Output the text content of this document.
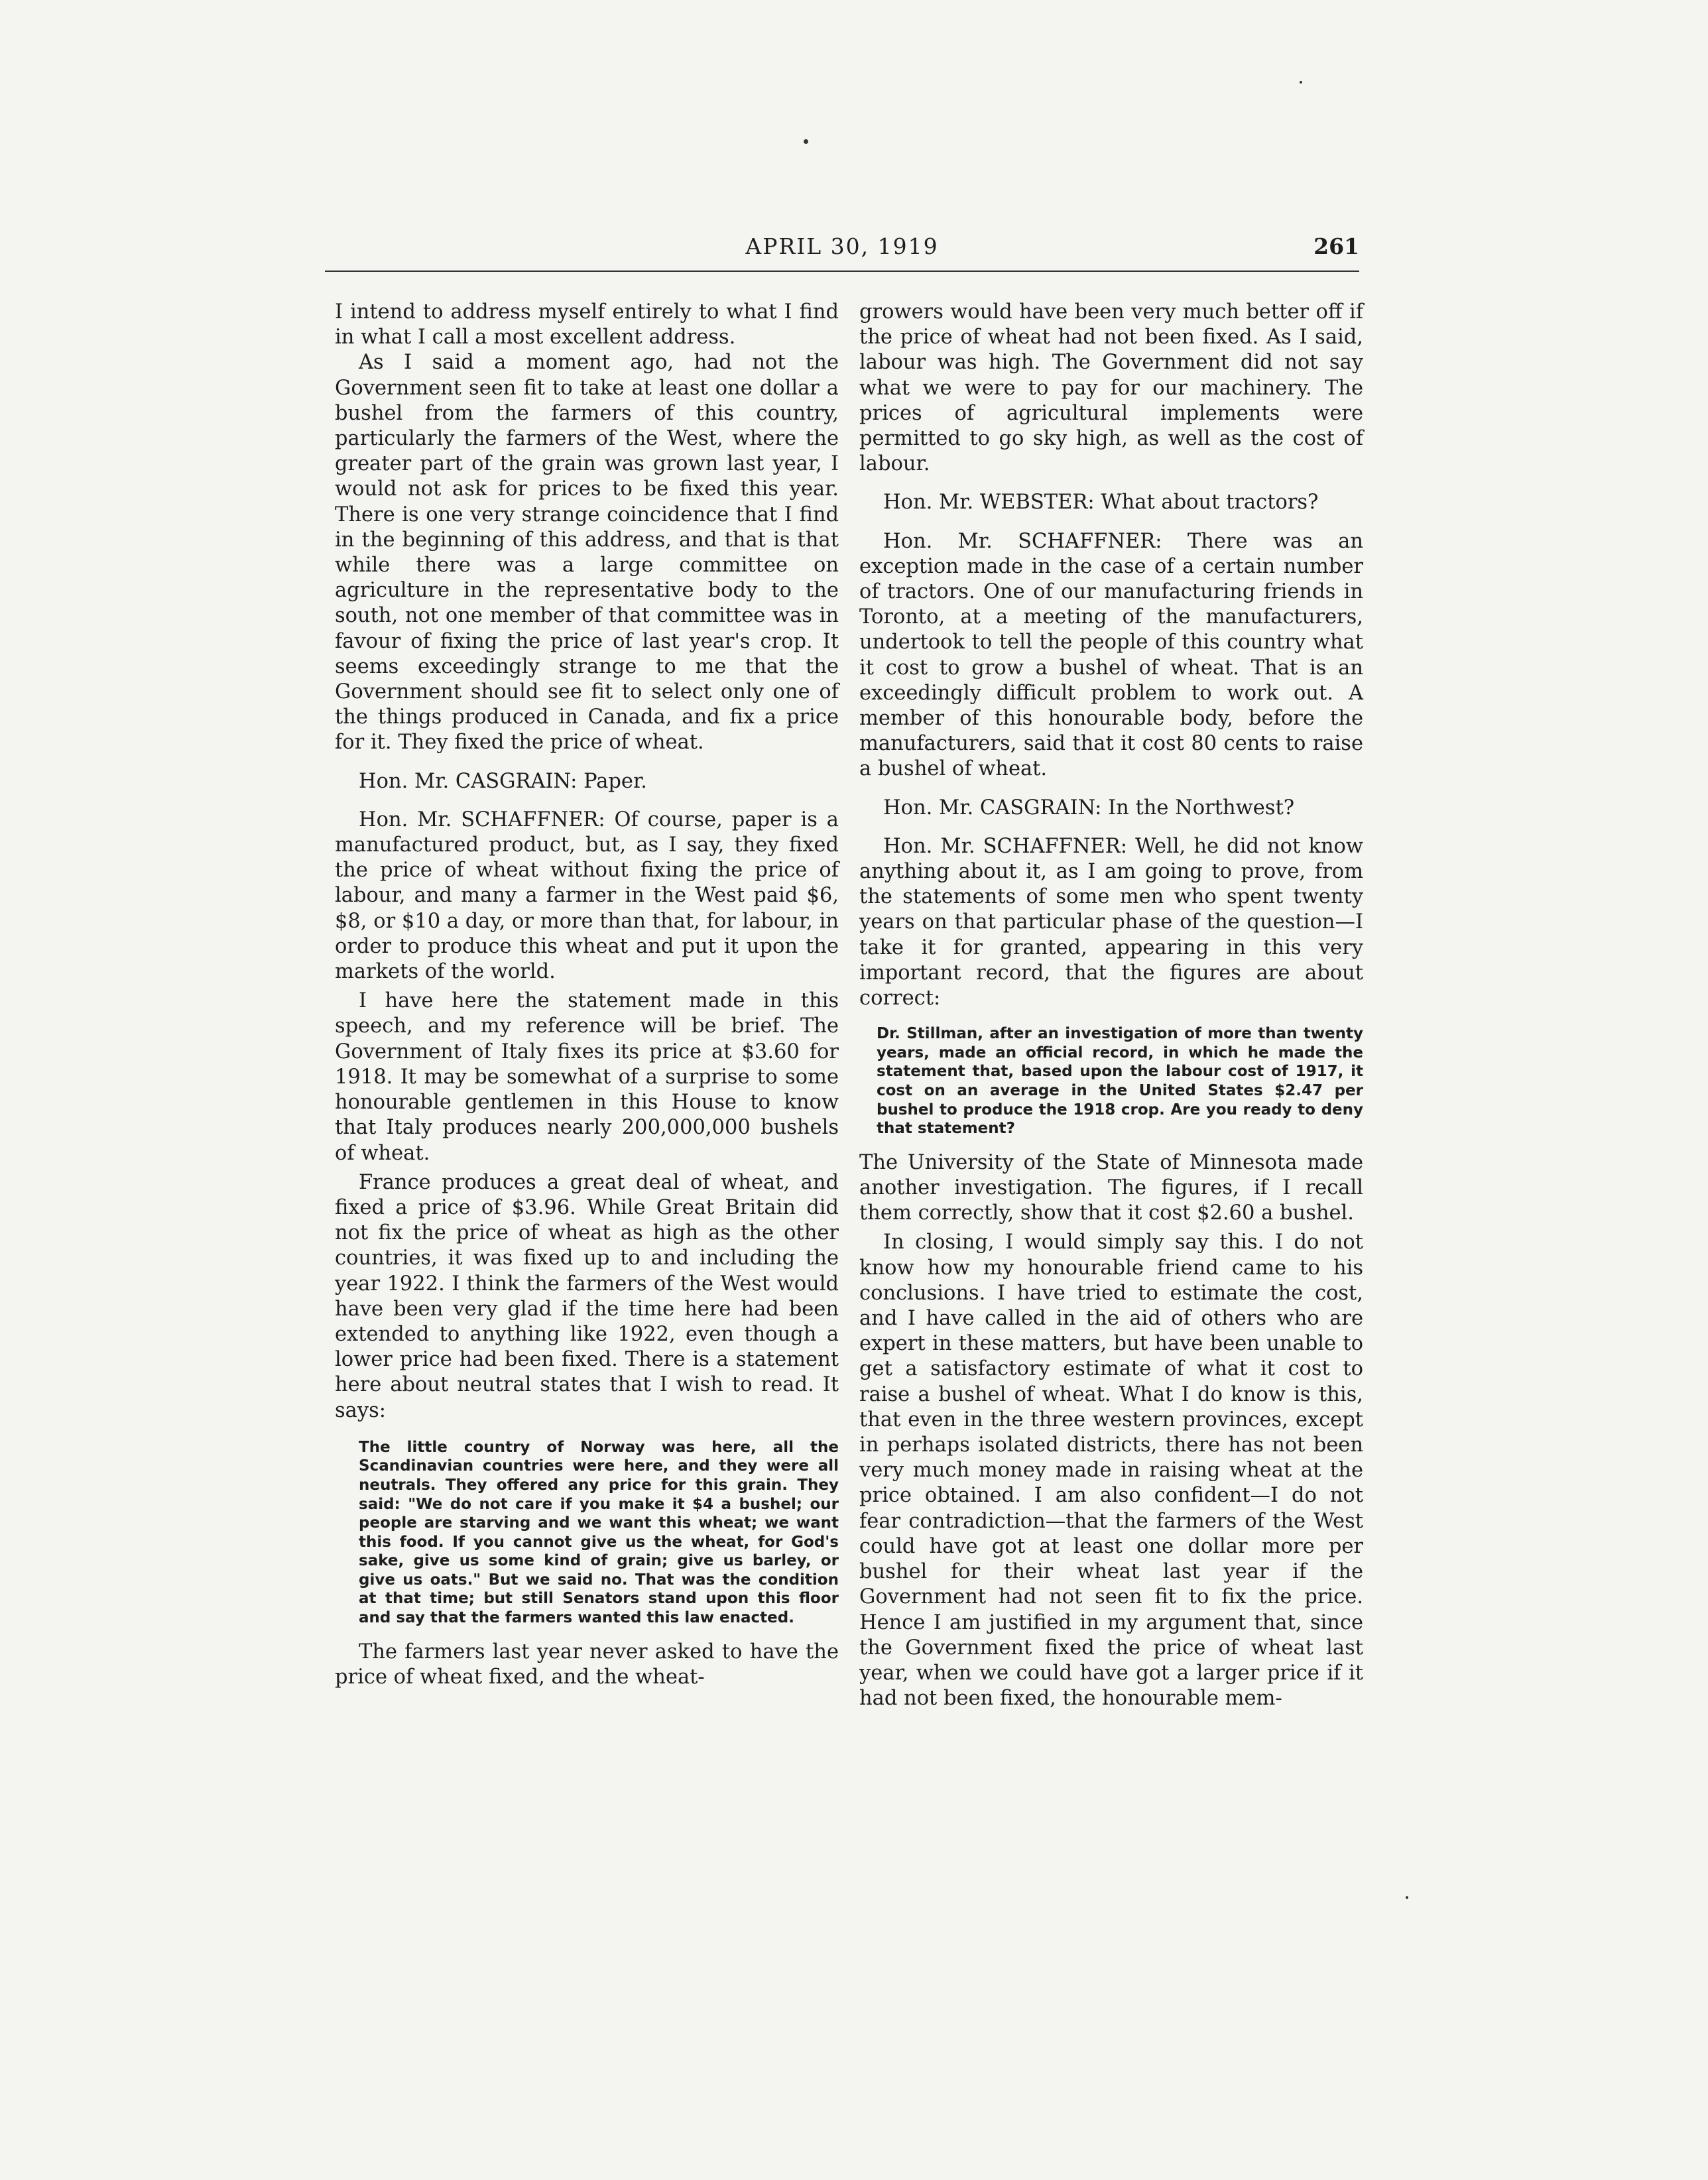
APRIL 30, 1919	261

I intend to address myself entirely to what I find in what I call a most excellent address.

As I said a moment ago, had not the Government seen fit to take at least one dollar a bushel from the farmers of this country, particularly the farmers of the West, where the greater part of the grain was grown last year, I would not ask for prices to be fixed this year. There is one very strange coincidence that I find in the beginning of this address, and that is that while there was a large committee on agriculture in the representative body to the south, not one member of that committee was in favour of fixing the price of last year's crop. It seems exceedingly strange to me that the Government should see fit to select only one of the things produced in Canada, and fix a price for it. They fixed the price of wheat.

Hon. Mr. CASGRAIN: Paper.

Hon. Mr. SCHAFFNER: Of course, paper is a manufactured product, but, as I say, they fixed the price of wheat without fixing the price of labour, and many a farmer in the West paid $6, $8, or $10 a day, or more than that, for labour, in order to produce this wheat and put it upon the markets of the world.

I have here the statement made in this speech, and my reference will be brief. The Government of Italy fixes its price at $3.60 for 1918. It may be somewhat of a surprise to some honourable gentlemen in this House to know that Italy produces nearly 200,000,000 bushels of wheat.

France produces a great deal of wheat, and fixed a price of $3.96. While Great Britain did not fix the price of wheat as high as the other countries, it was fixed up to and including the year 1922. I think the farmers of the West would have been very glad if the time here had been extended to anything like 1922, even though a lower price had been fixed. There is a statement here about neutral states that I wish to read. It says:

The little country of Norway was here, all the Scandinavian countries were here, and they were all neutrals. They offered any price for this grain. They said: "We do not care if you make it $4 a bushel; our people are starving and we want this wheat; we want this food. If you cannot give us the wheat, for God's sake, give us some kind of grain; give us barley, or give us oats." But we said no. That was the condition at that time; but still Senators stand upon this floor and say that the farmers wanted this law enacted.

The farmers last year never asked to have the price of wheat fixed, and the wheat-

growers would have been very much better off if the price of wheat had not been fixed. As I said, labour was high. The Government did not say what we were to pay for our machinery. The prices of agricultural implements were permitted to go sky high, as well as the cost of labour.

Hon. Mr. WEBSTER: What about tractors?

Hon. Mr. SCHAFFNER: There was an exception made in the case of a certain number of tractors. One of our manufacturing friends in Toronto, at a meeting of the manufacturers, undertook to tell the people of this country what it cost to grow a bushel of wheat. That is an exceedingly difficult problem to work out. A member of this honourable body, before the manufacturers, said that it cost 80 cents to raise a bushel of wheat.

Hon. Mr. CASGRAIN: In the Northwest?

Hon. Mr. SCHAFFNER: Well, he did not know anything about it, as I am going to prove, from the statements of some men who spent twenty years on that particular phase of the question—I take it for granted, appearing in this very important record, that the figures are about correct:

Dr. Stillman, after an investigation of more than twenty years, made an official record, in which he made the statement that, based upon the labour cost of 1917, it cost on an average in the United States $2.47 per bushel to produce the 1918 crop. Are you ready to deny that statement?

The University of the State of Minnesota made another investigation. The figures, if I recall them correctly, show that it cost $2.60 a bushel.

In closing, I would simply say this. I do not know how my honourable friend came to his conclusions. I have tried to estimate the cost, and I have called in the aid of others who are expert in these matters, but have been unable to get a satisfactory estimate of what it cost to raise a bushel of wheat. What I do know is this, that even in the three western provinces, except in perhaps isolated districts, there has not been very much money made in raising wheat at the price obtained. I am also confident—I do not fear contradiction—that the farmers of the West could have got at least one dollar more per bushel for their wheat last year if the Government had not seen fit to fix the price. Hence I am justified in my argument that, since the Government fixed the price of wheat last year, when we could have got a larger price if it had not been fixed, the honourable mem-
